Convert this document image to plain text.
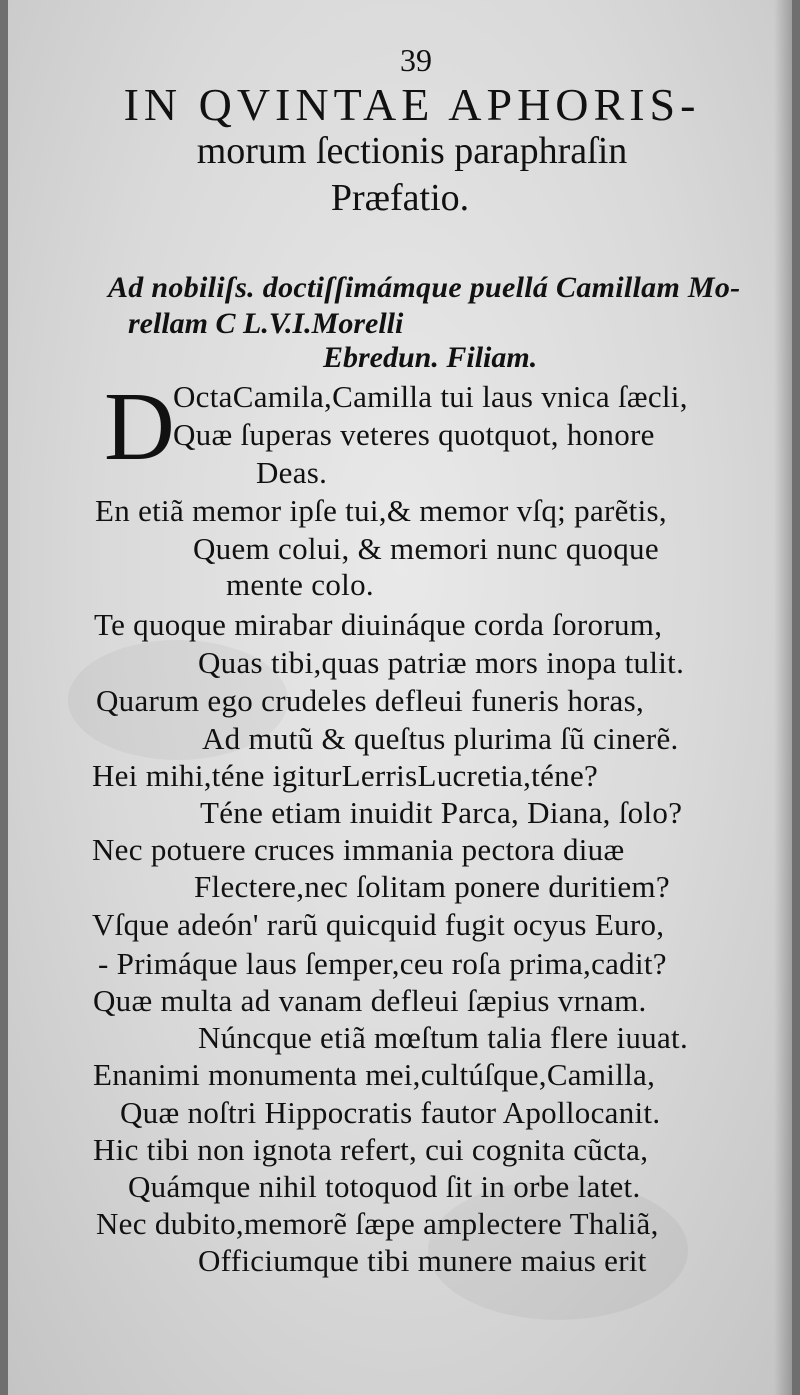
39
IN QVINTAE APHORIS-
morum ſectionis paraphraſin
Præfatio.
Ad nobiliſs. doctiſſimámque puellá Camillam Mo-
rellam C L.V.I.Morelli
Ebredun. Filiam.
D
OctaCamila,Camilla tui laus vnica ſæcli,
Quæ ſuperas veteres quotquot, honore
Deas.
En etiã memor ipſe tui,& memor vſq; parẽtis,
Quem colui, & memori nunc quoque
mente colo.
Te quoque mirabar diuináque corda ſororum,
Quas tibi,quas patriæ mors inopa tulit.
Quarum ego crudeles defleui funeris horas,
Ad mutũ & queſtus plurima ſũ cinerẽ.
Hei mihi,téne igiturLerrisLucretia,téne?
Téne etiam inuidit Parca, Diana, ſolo?
Nec potuere cruces immania pectora diuæ
Flectere,nec ſolitam ponere duritiem?
Vſque adeón' rarũ quicquid fugit ocyus Euro,
- Primáque laus ſemper,ceu roſa prima,cadit?
Quæ multa ad vanam defleui ſæpius vrnam.
Núncque etiã mœſtum talia flere iuuat.
Enanimi monumenta mei,cultúſque,Camilla,
Quæ noſtri Hippocratis fautor Apollocanit.
Hic tibi non ignota refert, cui cognita cũcta,
Quámque nihil totoquod ſit in orbe latet.
Nec dubito,memorẽ ſæpe amplectere Thaliã,
Officiumque tibi munere maius erit
